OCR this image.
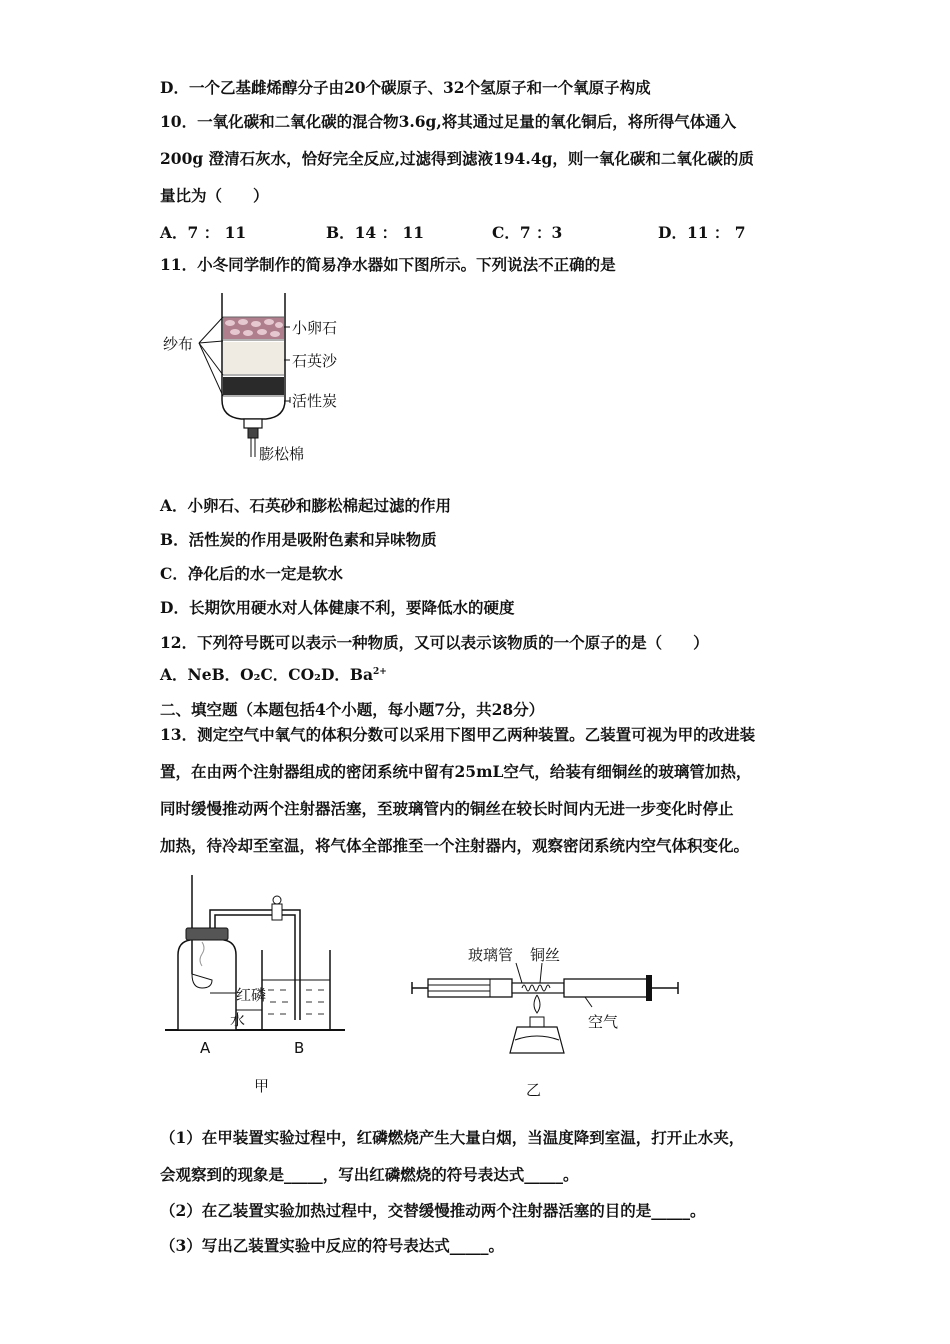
D．一个乙基雌烯醇分子由20个碳原子、32个氢原子和一个氧原子构成
10．一氧化碳和二氧化碳的混合物3.6g,将其通过足量的氧化铜后，将所得气体通入
200g 澄清石灰水，恰好完全反应,过滤得到滤液194.4g，则一氧化碳和二氧化碳的质
量比为（　　）
A．7 ： 11	B．14 ： 11	C．7 ：3	D．11 ： 7
11．小冬同学制作的简易净水器如下图所示。下列说法不正确的是
纱布
小卵石
石英沙
活性炭
膨松棉
A．小卵石、石英砂和膨松棉起过滤的作用
B．活性炭的作用是吸附色素和异味物质
C．净化后的水一定是软水
D．长期饮用硬水对人体健康不利，要降低水的硬度
12．下列符号既可以表示一种物质，又可以表示该物质的一个原子的是（　　）
A．NeB．O₂C．CO₂D．$Ba^{2+}$
二、填空题（本题包括4个小题，每小题7分，共28分）
13．测定空气中氧气的体积分数可以采用下图甲乙两种装置。乙装置可视为甲的改进装
置，在由两个注射器组成的密闭系统中留有25mL空气，给装有细铜丝的玻璃管加热，
同时缓慢推动两个注射器活塞，至玻璃管内的铜丝在较长时间内无进一步变化时停止
加热，待冷却至室温，将气体全部推至一个注射器内，观察密闭系统内空气体积变化。
红磷
水
A	B
甲
玻璃管 铜丝
空气
乙
（1）在甲装置实验过程中，红磷燃烧产生大量白烟，当温度降到室温，打开止水夹，
会观察到的现象是_____，写出红磷燃烧的符号表达式_____。
（2）在乙装置实验加热过程中，交替缓慢推动两个注射器活塞的目的是_____。
（3）写出乙装置实验中反应的符号表达式_____。
